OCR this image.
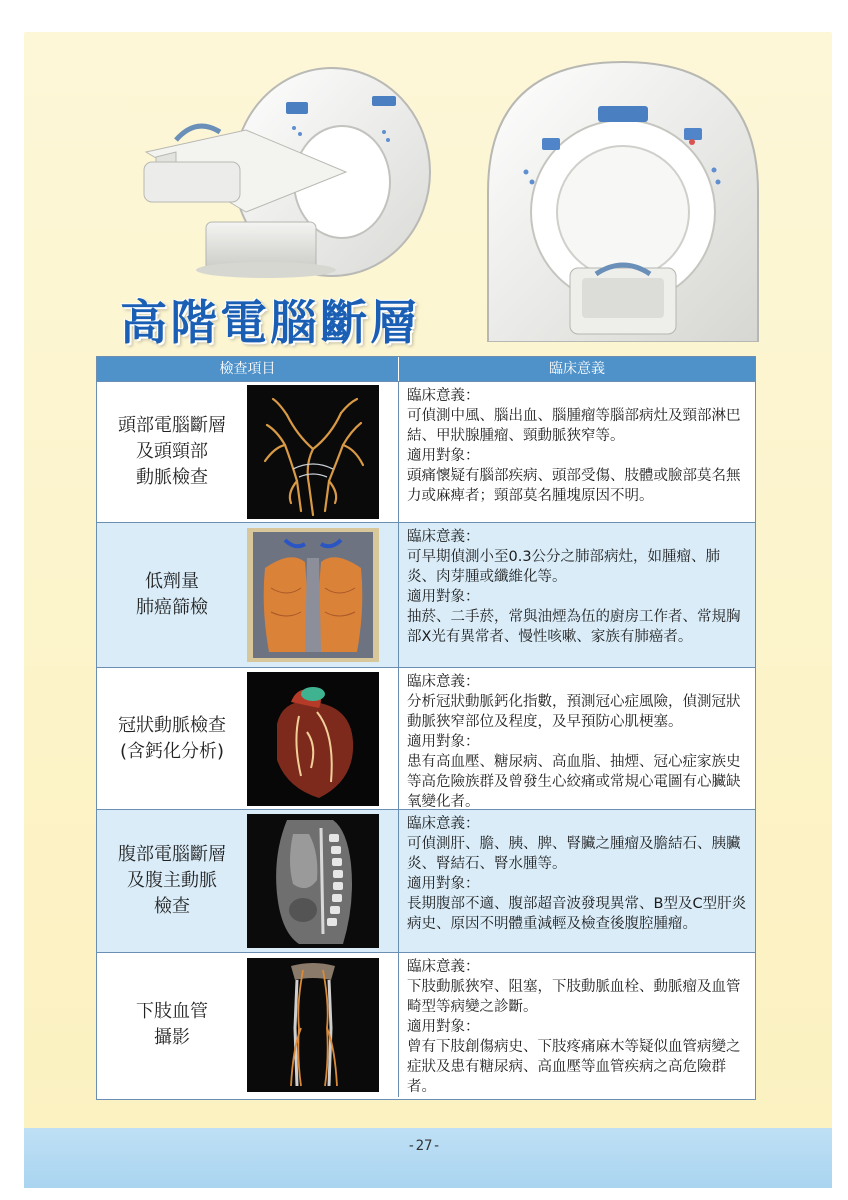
高階電腦斷層
檢查項目	臨床意義
頭部電腦斷層
及頭頸部
動脈檢查
臨床意義：

可偵測中風、腦出血、腦腫瘤等腦部病灶及頸部淋巴結、甲狀腺腫瘤、頸動脈狹窄等。

適用對象：

頭痛懷疑有腦部疾病、頭部受傷、肢體或臉部莫名無力或麻痺者；頸部莫名腫塊原因不明。

低劑量
肺癌篩檢
臨床意義：

可早期偵測小至0.3公分之肺部病灶，如腫瘤、肺炎、肉芽腫或纖維化等。

適用對象：

抽菸、二手菸，常與油煙為伍的廚房工作者、常規胸部X光有異常者、慢性咳嗽、家族有肺癌者。

冠狀動脈檢查
(含鈣化分析)
臨床意義：

分析冠狀動脈鈣化指數，預測冠心症風險，偵測冠狀動脈狹窄部位及程度，及早預防心肌梗塞。

適用對象：

患有高血壓、糖尿病、高血脂、抽煙、冠心症家族史等高危險族群及曾發生心絞痛或常規心電圖有心臟缺氧變化者。

腹部電腦斷層
及腹主動脈
檢查
臨床意義：

可偵測肝、膽、胰、脾、腎臟之腫瘤及膽結石、胰臟炎、腎結石、腎水腫等。

適用對象：

長期腹部不適、腹部超音波發現異常、B型及C型肝炎病史、原因不明體重減輕及檢查後腹腔腫瘤。

下肢血管
攝影
臨床意義：

下肢動脈狹窄、阻塞，下肢動脈血栓、動脈瘤及血管畸型等病變之診斷。

適用對象：

曾有下肢創傷病史、下肢疼痛麻木等疑似血管病變之症狀及患有糖尿病、高血壓等血管疾病之高危險群者。

-27-
